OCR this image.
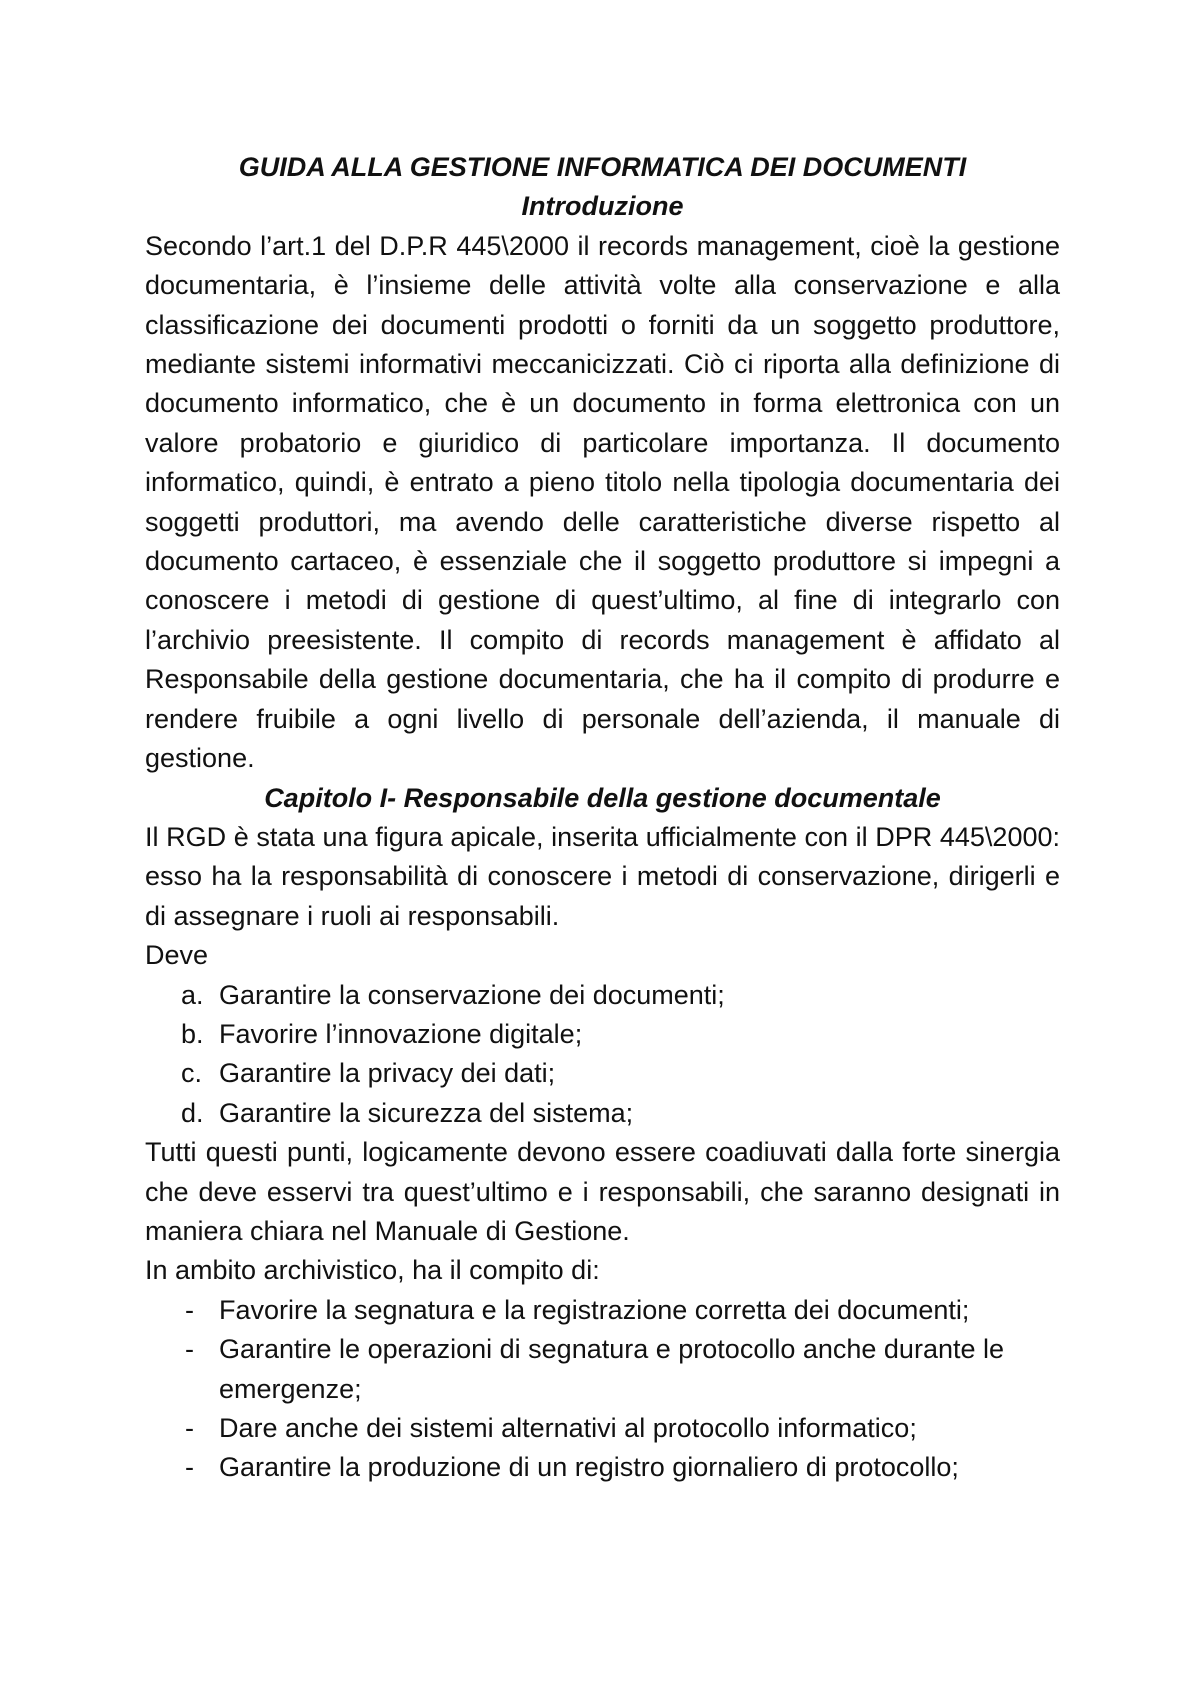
GUIDA ALLA GESTIONE INFORMATICA DEI DOCUMENTI

Introduzione

Secondo l’art.1 del D.P.R 445\2000 il records management, cioè la gestione documentaria, è l’insieme delle attività volte alla conservazione e alla classificazione dei documenti prodotti o forniti da un soggetto produttore, mediante sistemi informativi meccanicizzati. Ciò ci riporta alla definizione di documento informatico, che è un documento in forma elettronica con un valore probatorio e giuridico di particolare importanza. Il documento informatico, quindi, è entrato a pieno titolo nella tipologia documentaria dei soggetti produttori, ma avendo delle caratteristiche diverse rispetto al documento cartaceo, è essenziale che il soggetto produttore si impegni a conoscere i metodi di gestione di quest’ultimo, al fine di integrarlo con l’archivio preesistente. Il compito di records management è affidato al Responsabile della gestione documentaria, che ha il compito di produrre e rendere fruibile a ogni livello di personale dell’azienda, il manuale di gestione.

Capitolo I- Responsabile della gestione documentale

Il RGD è stata una figura apicale, inserita ufficialmente con il DPR 445\2000: esso ha la responsabilità di conoscere i metodi di conservazione, dirigerli e di assegnare i ruoli ai responsabili.

Deve

a. Garantire la conservazione dei documenti;
b. Favorire l’innovazione digitale;
c. Garantire la privacy dei dati;
d. Garantire la sicurezza del sistema;

Tutti questi punti, logicamente devono essere coadiuvati dalla forte sinergia che deve esservi tra quest’ultimo e i responsabili, che saranno designati in maniera chiara nel Manuale di Gestione.

In ambito archivistico, ha il compito di:

- Favorire la segnatura e la registrazione corretta dei documenti;
- Garantire le operazioni di segnatura e protocollo anche durante le emergenze;
- Dare anche dei sistemi alternativi al protocollo informatico;
- Garantire la produzione di un registro giornaliero di protocollo;
